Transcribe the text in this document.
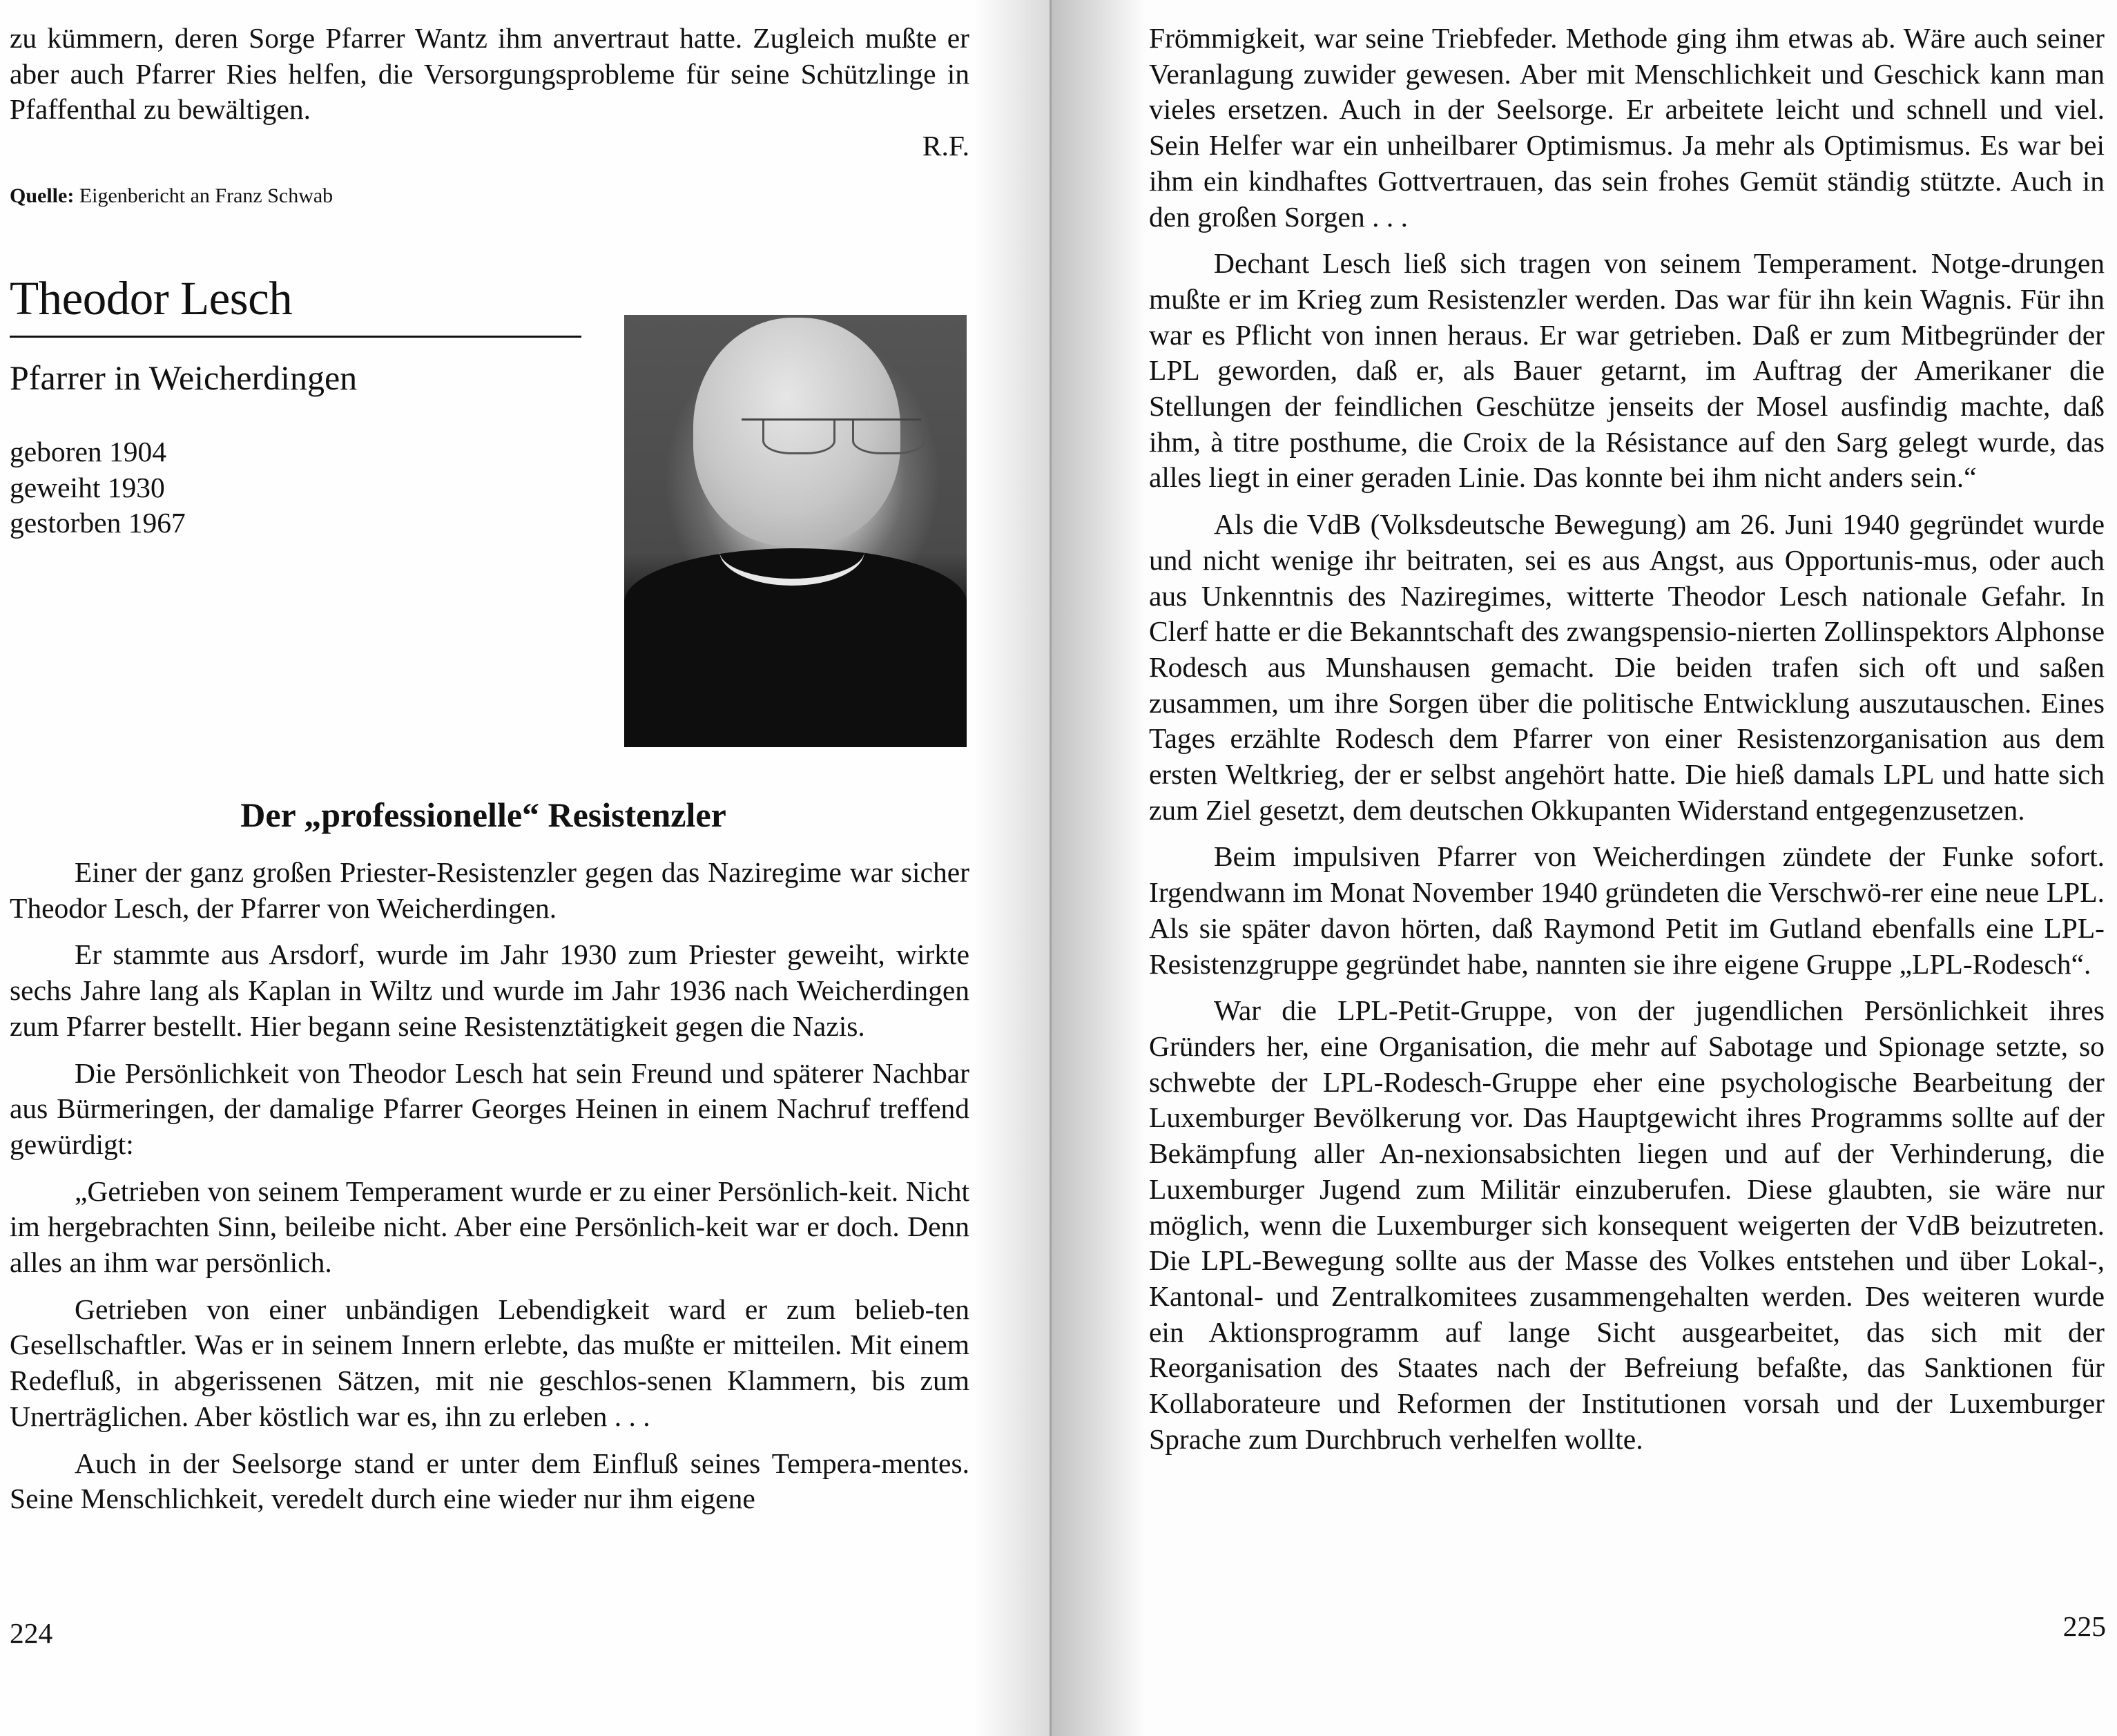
zu kümmern, deren Sorge Pfarrer Wantz ihm anvertraut hatte. Zugleich mußte er aber auch Pfarrer Ries helfen, die Versorgungsprobleme für seine Schützlinge in Pfaffenthal zu bewältigen.

R.F.

Quelle: Eigenbericht an Franz Schwab

Theodor Lesch
Pfarrer in Weicherdingen
geboren 1904
geweiht 1930
gestorben 1967
Der „professionelle“ Resistenzler

Einer der ganz großen Priester-Resistenzler gegen das Naziregime war sicher Theodor Lesch, der Pfarrer von Weicherdingen.

Er stammte aus Arsdorf, wurde im Jahr 1930 zum Priester geweiht, wirkte sechs Jahre lang als Kaplan in Wiltz und wurde im Jahr 1936 nach Weicherdingen zum Pfarrer bestellt. Hier begann seine Resistenztätigkeit gegen die Nazis.

Die Persönlichkeit von Theodor Lesch hat sein Freund und späterer Nachbar aus Bürmeringen, der damalige Pfarrer Georges Heinen in einem Nachruf treffend gewürdigt:

„Getrieben von seinem Temperament wurde er zu einer Persönlich-keit. Nicht im hergebrachten Sinn, beileibe nicht. Aber eine Persönlich-keit war er doch. Denn alles an ihm war persönlich.

Getrieben von einer unbändigen Lebendigkeit ward er zum belieb-ten Gesellschaftler. Was er in seinem Innern erlebte, das mußte er mitteilen. Mit einem Redefluß, in abgerissenen Sätzen, mit nie geschlos-senen Klammern, bis zum Unerträglichen. Aber köstlich war es, ihn zu erleben . . .

Auch in der Seelsorge stand er unter dem Einfluß seines Tempera-mentes. Seine Menschlichkeit, veredelt durch eine wieder nur ihm eigene

224	225

Frömmigkeit, war seine Triebfeder. Methode ging ihm etwas ab. Wäre auch seiner Veranlagung zuwider gewesen. Aber mit Menschlichkeit und Geschick kann man vieles ersetzen. Auch in der Seelsorge. Er arbeitete leicht und schnell und viel. Sein Helfer war ein unheilbarer Optimismus. Ja mehr als Optimismus. Es war bei ihm ein kindhaftes Gottvertrauen, das sein frohes Gemüt ständig stützte. Auch in den großen Sorgen . . .

Dechant Lesch ließ sich tragen von seinem Temperament. Notge-drungen mußte er im Krieg zum Resistenzler werden. Das war für ihn kein Wagnis. Für ihn war es Pflicht von innen heraus. Er war getrieben. Daß er zum Mitbegründer der LPL geworden, daß er, als Bauer getarnt, im Auftrag der Amerikaner die Stellungen der feindlichen Geschütze jenseits der Mosel ausfindig machte, daß ihm, à titre posthume, die Croix de la Résistance auf den Sarg gelegt wurde, das alles liegt in einer geraden Linie. Das konnte bei ihm nicht anders sein.“

Als die VdB (Volksdeutsche Bewegung) am 26. Juni 1940 gegründet wurde und nicht wenige ihr beitraten, sei es aus Angst, aus Opportunis-mus, oder auch aus Unkenntnis des Naziregimes, witterte Theodor Lesch nationale Gefahr. In Clerf hatte er die Bekanntschaft des zwangspensio-nierten Zollinspektors Alphonse Rodesch aus Munshausen gemacht. Die beiden trafen sich oft und saßen zusammen, um ihre Sorgen über die politische Entwicklung auszutauschen. Eines Tages erzählte Rodesch dem Pfarrer von einer Resistenzorganisation aus dem ersten Weltkrieg, der er selbst angehört hatte. Die hieß damals LPL und hatte sich zum Ziel gesetzt, dem deutschen Okkupanten Widerstand entgegenzusetzen.

Beim impulsiven Pfarrer von Weicherdingen zündete der Funke sofort. Irgendwann im Monat November 1940 gründeten die Verschwö-rer eine neue LPL. Als sie später davon hörten, daß Raymond Petit im Gutland ebenfalls eine LPL-Resistenzgruppe gegründet habe, nannten sie ihre eigene Gruppe „LPL-Rodesch“.

War die LPL-Petit-Gruppe, von der jugendlichen Persönlichkeit ihres Gründers her, eine Organisation, die mehr auf Sabotage und Spionage setzte, so schwebte der LPL-Rodesch-Gruppe eher eine psychologische Bearbeitung der Luxemburger Bevölkerung vor. Das Hauptgewicht ihres Programms sollte auf der Bekämpfung aller An-nexionsabsichten liegen und auf der Verhinderung, die Luxemburger Jugend zum Militär einzuberufen. Diese glaubten, sie wäre nur möglich, wenn die Luxemburger sich konsequent weigerten der VdB beizutreten. Die LPL-Bewegung sollte aus der Masse des Volkes entstehen und über Lokal-, Kantonal- und Zentralkomitees zusammengehalten werden. Des weiteren wurde ein Aktionsprogramm auf lange Sicht ausgearbeitet, das sich mit der Reorganisation des Staates nach der Befreiung befaßte, das Sanktionen für Kollaborateure und Reformen der Institutionen vorsah und der Luxemburger Sprache zum Durchbruch verhelfen wollte.
